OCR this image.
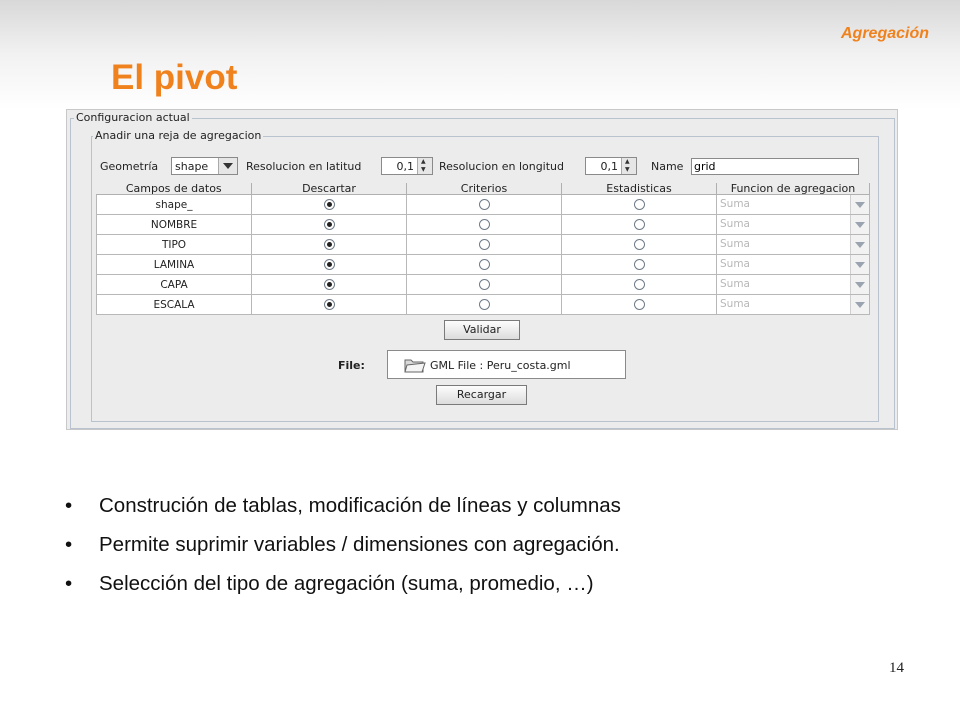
Agregación
El pivot
Configuracion actual
Anadir una reja de agregacion
Geometría shape	Resolucion en latitud	0,1 ▲
▼ Resolucion en longitud	0,1 ▲
▼ Name
grid
Campos de datos	Descartar	Criterios	Estadisticas	Funcion de agregacion
shape_				Suma

NOMBRE				Suma

TIPO				Suma

LAMINA				Suma

CAPA				Suma

ESCALA				Suma
Validar
File:	GML File : Peru_costa.gml
Recargar
• Construción de tablas, modificación de líneas y columnas
• Permite suprimir variables / dimensiones con agregación.
• Selección del tipo de agregación (suma, promedio, …)
14
